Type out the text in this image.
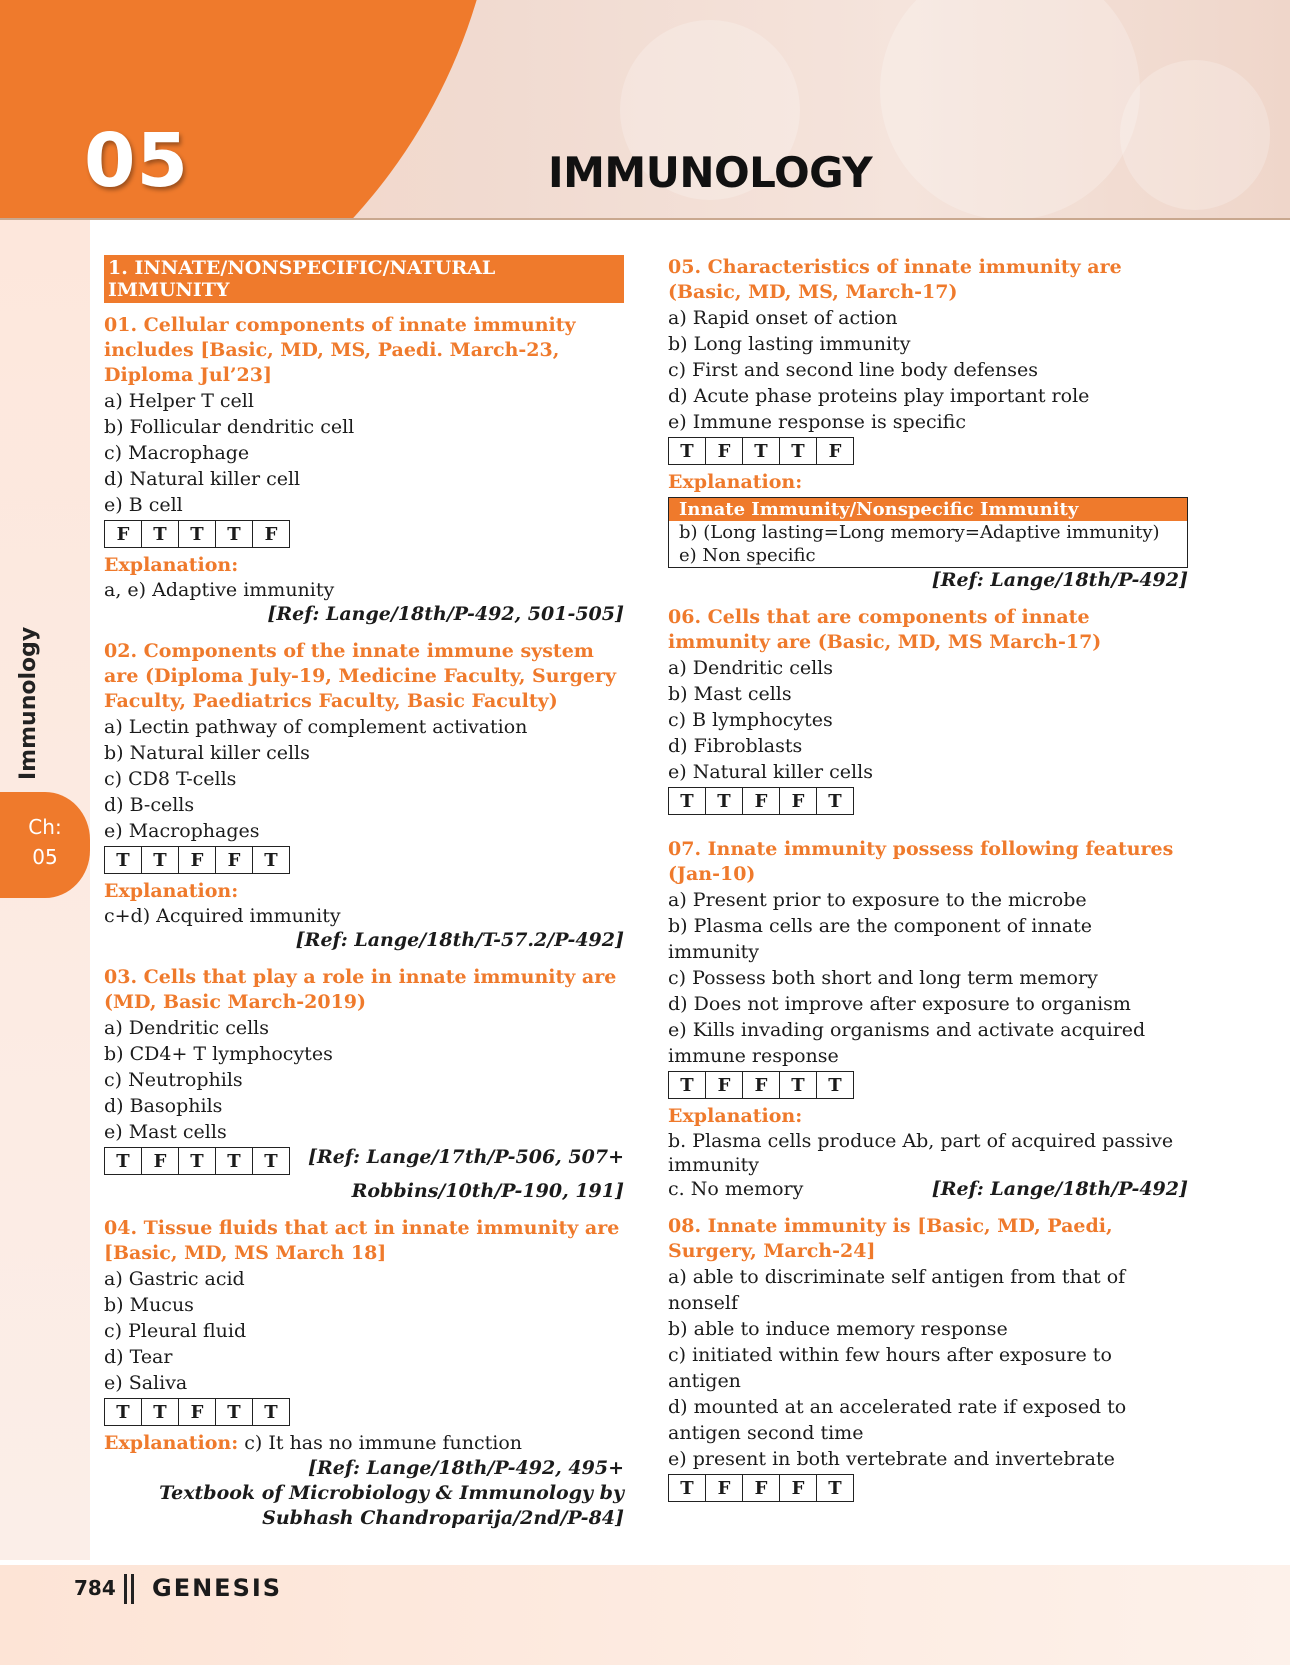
05	IMMUNOLOGY
Immunology
Ch:
05
1. INNATE/NONSPECIFIC/NATURAL IMMUNITY
01. Cellular components of innate immunity includes [Basic, MD, MS, Paedi. March-23, Diploma Jul’23]
a) Helper T cell
b) Follicular dendritic cell
c) Macrophage
d) Natural killer cell
e) B cell
F	T	T	T	F
Explanation:
a, e) Adaptive immunity
[Ref: Lange/18th/P-492, 501-505]
02. Components of the innate immune system are (Diploma July-19, Medicine Faculty, Surgery Faculty, Paediatrics Faculty, Basic Faculty)
a) Lectin pathway of complement activation
b) Natural killer cells
c) CD8 T-cells
d) B-cells
e) Macrophages
T	T	F	F	T
Explanation:
c+d) Acquired immunity
[Ref: Lange/18th/T-57.2/P-492]
03. Cells that play a role in innate immunity are (MD, Basic March-2019)
a) Dendritic cells
b) CD4+ T lymphocytes
c) Neutrophils
d) Basophils
e) Mast cells
T	F	T	T	T	[Ref: Lange/17th/P-506, 507+
Robbins/10th/P-190, 191]
04. Tissue fluids that act in innate immunity are [Basic, MD, MS March 18]
a) Gastric acid
b) Mucus
c) Pleural fluid
d) Tear
e) Saliva
T	T	F	T	T
Explanation: c) It has no immune function
[Ref: Lange/18th/P-492, 495+
Textbook of Microbiology & Immunology by
Subhash Chandroparija/2nd/P-84]
05. Characteristics of innate immunity are (Basic, MD, MS, March-17)
a) Rapid onset of action
b) Long lasting immunity
c) First and second line body defenses
d) Acute phase proteins play important role
e) Immune response is specific
T	F	T	T	F
Explanation:
Innate Immunity/Nonspecific Immunity
b) (Long lasting=Long memory=Adaptive immunity)
e) Non specific
[Ref: Lange/18th/P-492]
06. Cells that are components of innate immunity are (Basic, MD, MS March-17)
a) Dendritic cells
b) Mast cells
c) B lymphocytes
d) Fibroblasts
e) Natural killer cells
T	T	F	F	T
07. Innate immunity possess following features (Jan-10)
a) Present prior to exposure to the microbe
b) Plasma cells are the component of innate immunity
c) Possess both short and long term memory
d) Does not improve after exposure to organism
e) Kills invading organisms and activate acquired immune response
T	F	F	T	T
Explanation:
b. Plasma cells produce Ab, part of acquired passive immunity
c. No memory	[Ref: Lange/18th/P-492]
08. Innate immunity is [Basic, MD, Paedi, Surgery, March-24]
a) able to discriminate self antigen from that of nonself
b) able to induce memory response
c) initiated within few hours after exposure to antigen
d) mounted at an accelerated rate if exposed to antigen second time
e) present in both vertebrate and invertebrate
T	F	F	F	T
784 GENESIS
